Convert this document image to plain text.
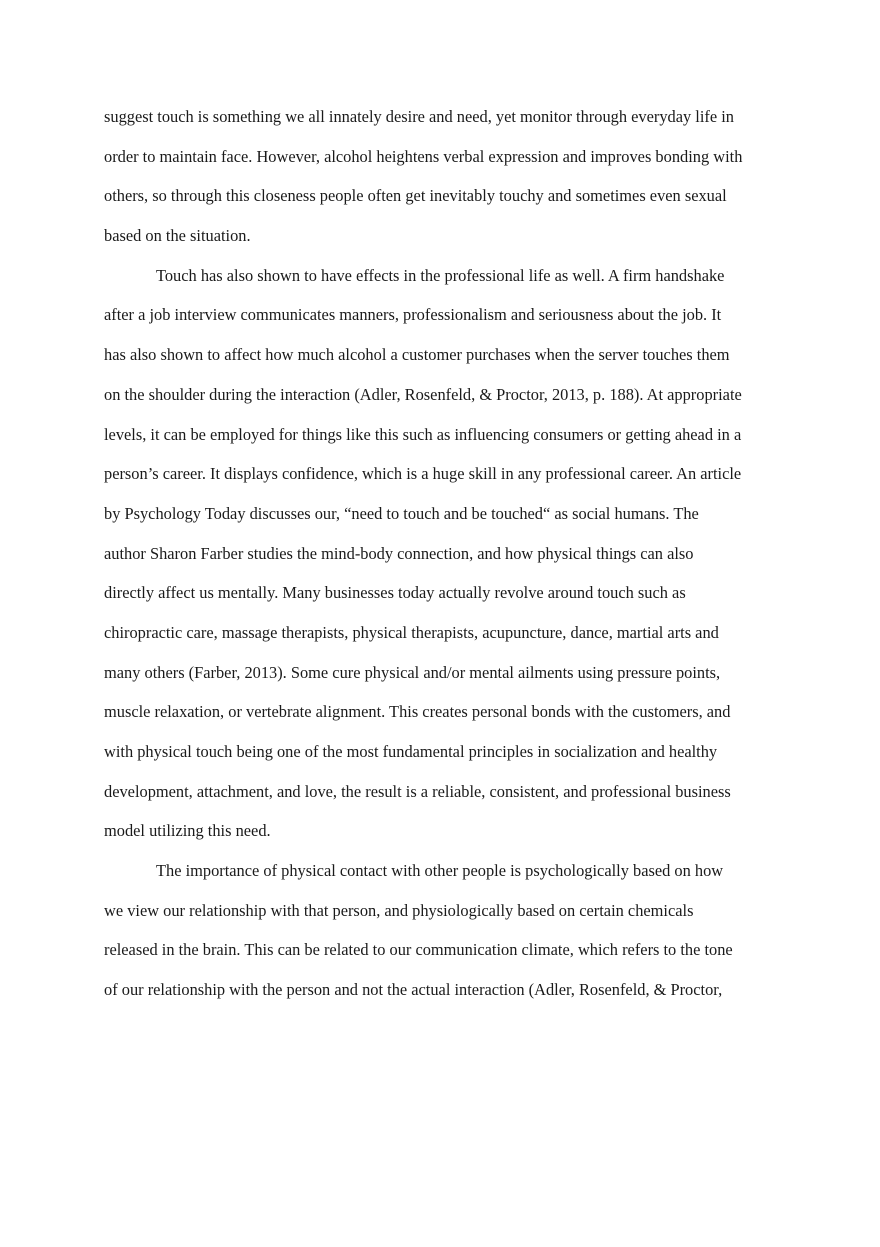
suggest touch is something we all innately desire and need, yet monitor through everyday life in
order to maintain face. However, alcohol heightens verbal expression and improves bonding with
others, so through this closeness people often get inevitably touchy and sometimes even sexual
based on the situation.
Touch has also shown to have effects in the professional life as well. A firm handshake
after a job interview communicates manners, professionalism and seriousness about the job. It
has also shown to affect how much alcohol a customer purchases when the server touches them
on the shoulder during the interaction (Adler, Rosenfeld, & Proctor, 2013, p. 188). At appropriate
levels, it can be employed for things like this such as influencing consumers or getting ahead in a
person’s career. It displays confidence, which is a huge skill in any professional career. An article
by Psychology Today discusses our, “need to touch and be touched“ as social humans. The
author Sharon Farber studies the mind-body connection, and how physical things can also
directly affect us mentally. Many businesses today actually revolve around touch such as
chiropractic care, massage therapists, physical therapists, acupuncture, dance, martial arts and
many others (Farber, 2013). Some cure physical and/or mental ailments using pressure points,
muscle relaxation, or vertebrate alignment. This creates personal bonds with the customers, and
with physical touch being one of the most fundamental principles in socialization and healthy
development, attachment, and love, the result is a reliable, consistent, and professional business
model utilizing this need.
The importance of physical contact with other people is psychologically based on how
we view our relationship with that person, and physiologically based on certain chemicals
released in the brain. This can be related to our communication climate, which refers to the tone
of our relationship with the person and not the actual interaction (Adler, Rosenfeld, & Proctor,
